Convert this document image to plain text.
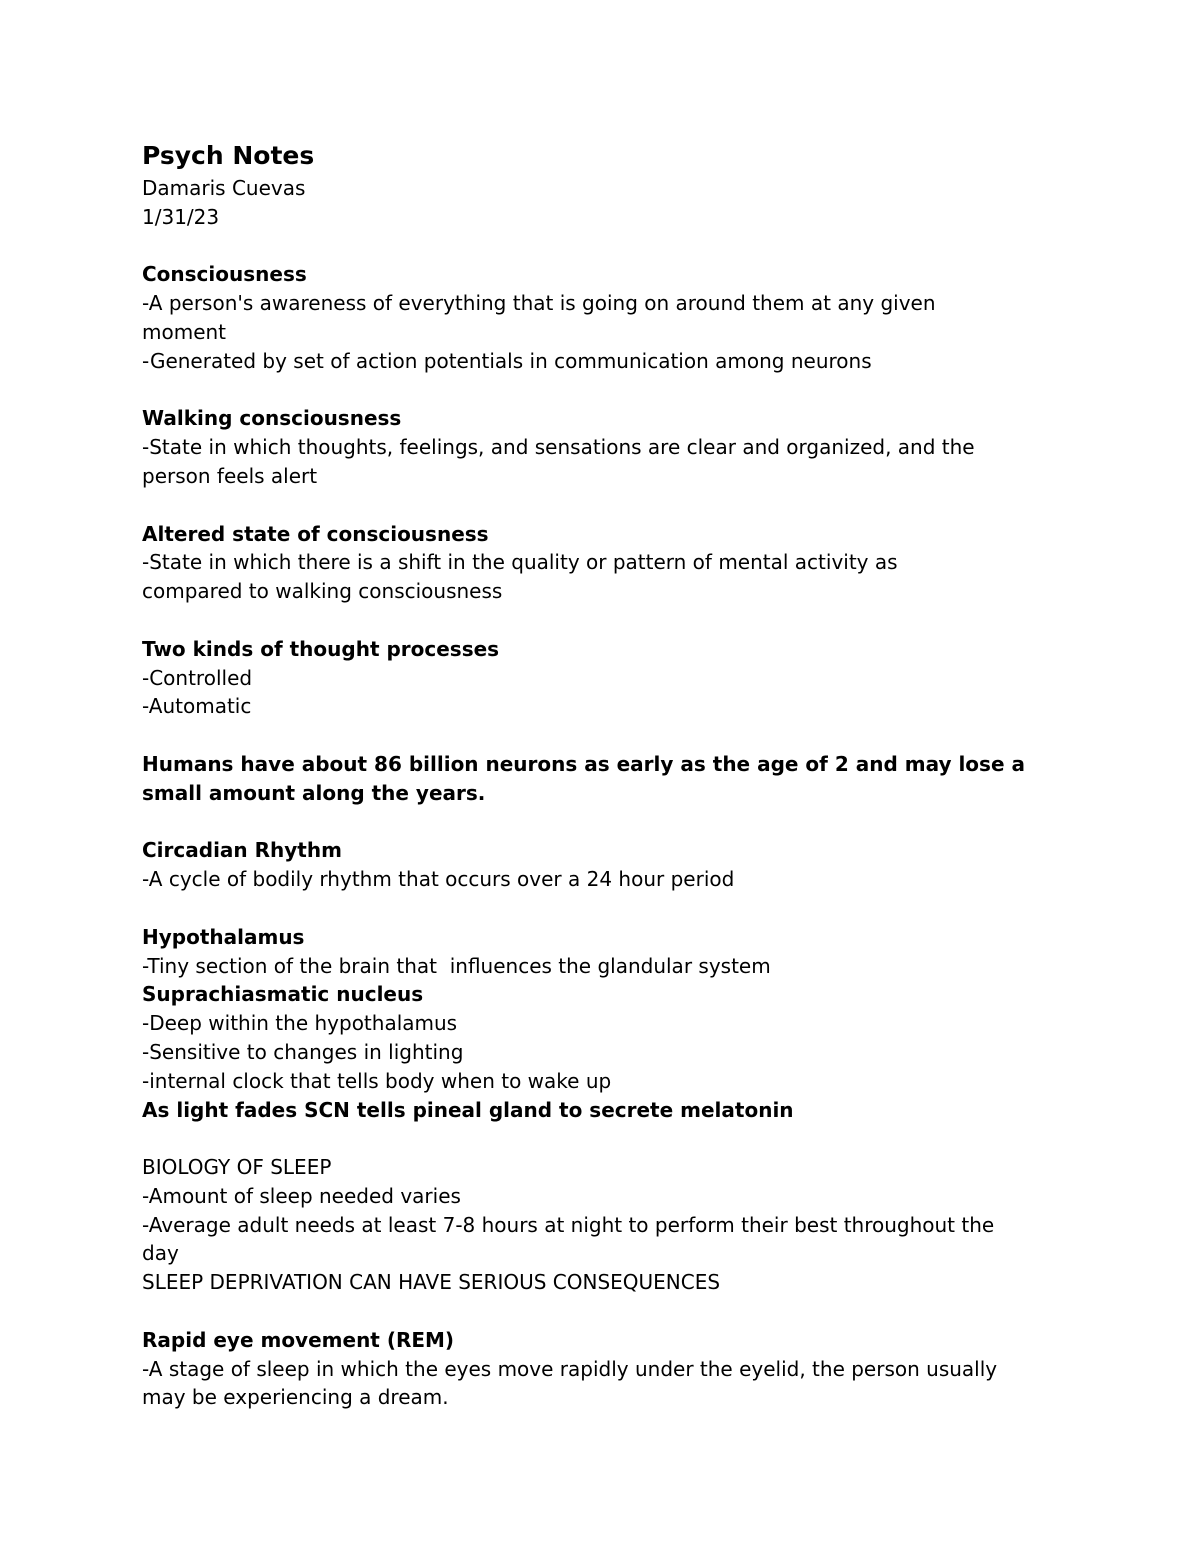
Psych Notes
Damaris Cuevas
1/31/23
Consciousness
-A person's awareness of everything that is going on around them at any given moment
-Generated by set of action potentials in communication among neurons
Walking consciousness
-State in which thoughts, feelings, and sensations are clear and organized, and the person feels alert
Altered state of consciousness
-State in which there is a shift in the quality or pattern of mental activity as compared to walking consciousness
Two kinds of thought processes
-Controlled
-Automatic
Humans have about 86 billion neurons as early as the age of 2 and may lose a small amount along the years.
Circadian Rhythm
-A cycle of bodily rhythm that occurs over a 24 hour period
Hypothalamus
-Tiny section of the brain that  influences the glandular system
Suprachiasmatic nucleus
-Deep within the hypothalamus
-Sensitive to changes in lighting
-internal clock that tells body when to wake up
As light fades SCN tells pineal gland to secrete melatonin
BIOLOGY OF SLEEP
-Amount of sleep needed varies
-Average adult needs at least 7-8 hours at night to perform their best throughout the day
SLEEP DEPRIVATION CAN HAVE SERIOUS CONSEQUENCES
Rapid eye movement (REM)
-A stage of sleep in which the eyes move rapidly under the eyelid, the person usually may be experiencing a dream.
